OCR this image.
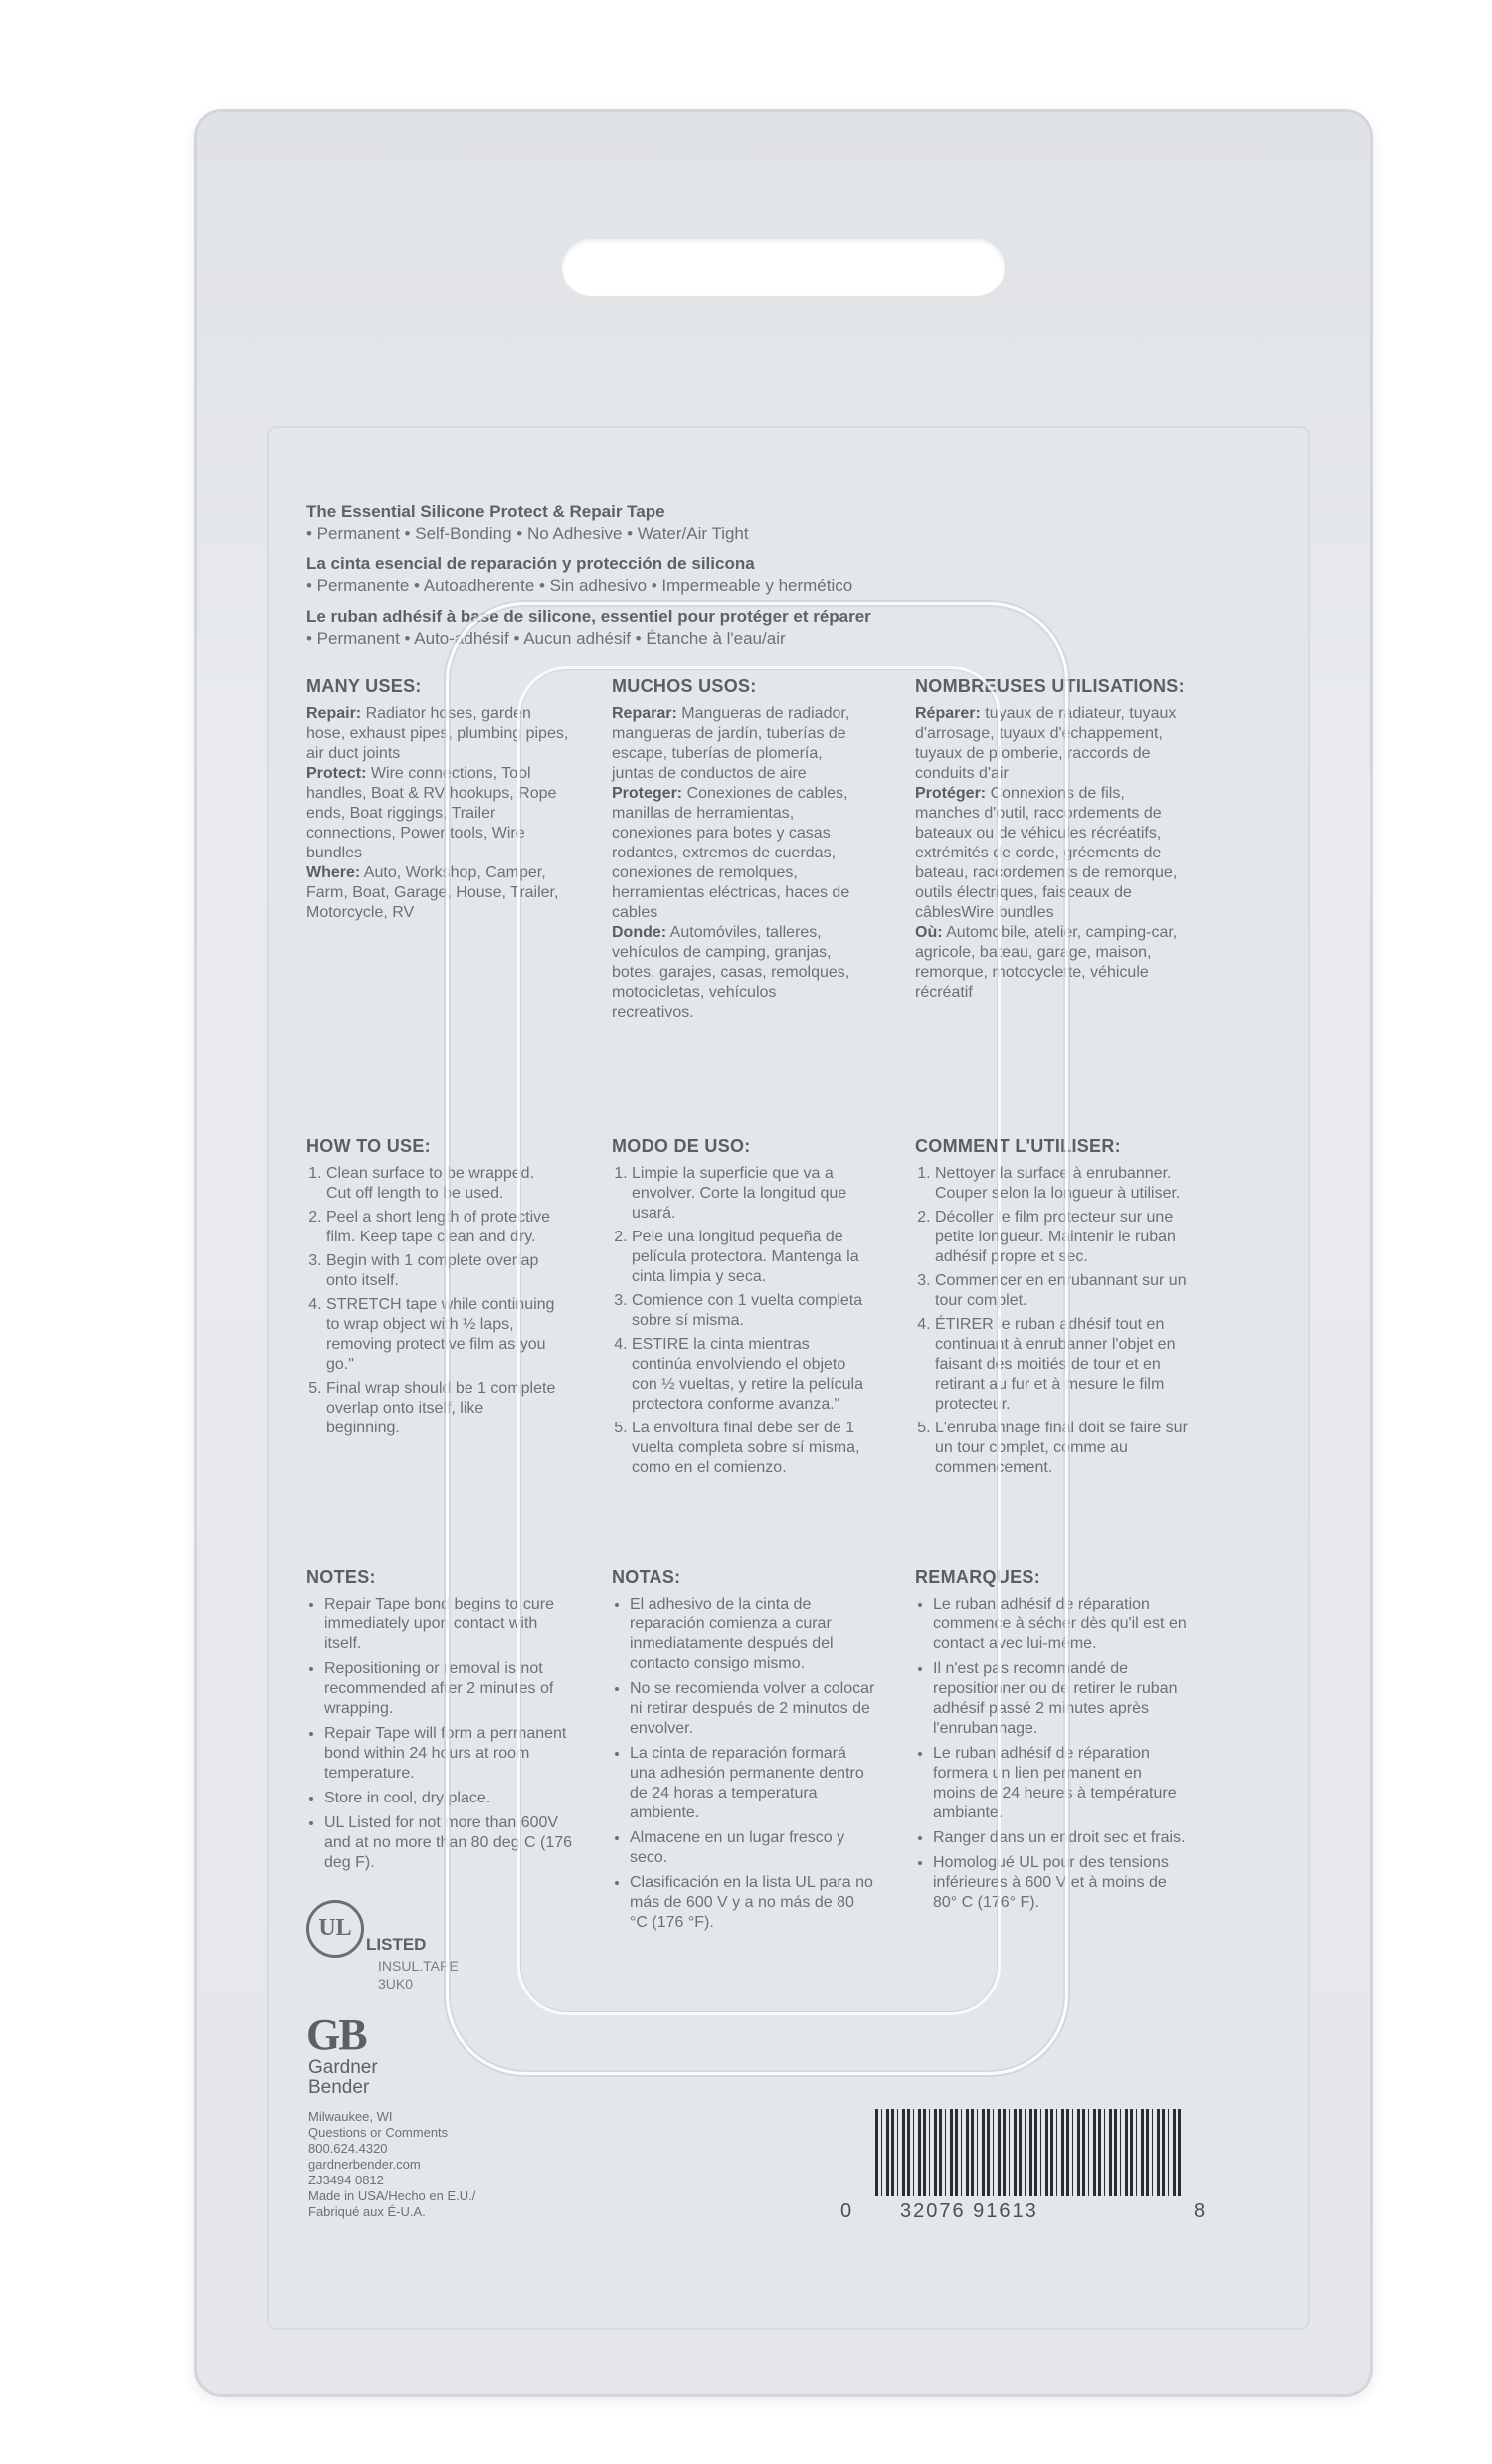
The Essential Silicone Protect & Repair Tape
• Permanent • Self-Bonding • No Adhesive • Water/Air Tight
La cinta esencial de reparación y protección de silicona
• Permanente • Autoadherente • Sin adhesivo • Impermeable y hermético
Le ruban adhésif à base de silicone, essentiel pour protéger et réparer
• Permanent • Auto-adhésif • Aucun adhésif • Étanche à l'eau/air
MANY USES:

Repair: Radiator hoses, garden hose, exhaust pipes, plumbing pipes, air duct joints

Protect: Wire connections, Tool handles, Boat & RV hookups, Rope ends, Boat riggings, Trailer connections, Power tools, Wire bundles

Where: Auto, Workshop, Camper, Farm, Boat, Garage, House, Trailer, Motorcycle, RV

MUCHOS USOS:

Reparar: Mangueras de radiador, mangueras de jardín, tuberías de escape, tuberías de plomería, juntas de conductos de aire

Proteger: Conexiones de cables, manillas de herramientas, conexiones para botes y casas rodantes, extremos de cuerdas, conexiones de remolques, herramientas eléctricas, haces de cables

Donde: Automóviles, talleres, vehículos de camping, granjas, botes, garajes, casas, remolques, motocicletas, vehículos recreativos.

NOMBREUSES UTILISATIONS:

Réparer: tuyaux de radiateur, tuyaux d'arrosage, tuyaux d'échappement, tuyaux de plomberie, raccords de conduits d'air

Protéger: Connexions de fils, manches d'outil, raccordements de bateaux ou de véhicules récréatifs, extrémités de corde, gréements de bateau, raccordements de remorque, outils électriques, faisceaux de câblesWire bundles

Où: Automobile, atelier, camping-car, agricole, bateau, garage, maison, remorque, motocyclette, véhicule récréatif

HOW TO USE:
1. Clean surface to be wrapped. Cut off length to be used.
2. Peel a short length of protective film. Keep tape clean and dry.
3. Begin with 1 complete overlap onto itself.
4. STRETCH tape while continuing to wrap object with ½ laps, removing protective film as you go."
5. Final wrap should be 1 complete overlap onto itself, like beginning.
MODO DE USO:
1. Limpie la superficie que va a envolver. Corte la longitud que usará.
2. Pele una longitud pequeña de película protectora. Mantenga la cinta limpia y seca.
3. Comience con 1 vuelta completa sobre sí misma.
4. ESTIRE la cinta mientras continúa envolviendo el objeto con ½ vueltas, y retire la película protectora conforme avanza."
5. La envoltura final debe ser de 1 vuelta completa sobre sí misma, como en el comienzo.
COMMENT L'UTILISER:
1. Nettoyer la surface à enrubanner. Couper selon la longueur à utiliser.
2. Décoller le film protecteur sur une petite longueur. Maintenir le ruban adhésif propre et sec.
3. Commencer en enrubannant sur un tour complet.
4. ÉTIRER le ruban adhésif tout en continuant à enrubanner l'objet en faisant des moitiés de tour et en retirant au fur et à mesure le film protecteur.
5. L'enrubannage final doit se faire sur un tour complet, comme au commencement.
NOTES:
• Repair Tape bond begins to cure immediately upon contact with itself.
• Repositioning or removal is not recommended after 2 minutes of wrapping.
• Repair Tape will form a permanent bond within 24 hours at room temperature.
• Store in cool, dry place.
• UL Listed for not more than 600V and at no more than 80 deg C (176 deg F).
NOTAS:
• El adhesivo de la cinta de reparación comienza a curar inmediatamente después del contacto consigo mismo.
• No se recomienda volver a colocar ni retirar después de 2 minutos de envolver.
• La cinta de reparación formará una adhesión permanente dentro de 24 horas a temperatura ambiente.
• Almacene en un lugar fresco y seco.
• Clasificación en la lista UL para no más de 600 V y a no más de 80 °C (176 °F).
REMARQUES:
• Le ruban adhésif de réparation commence à sécher dès qu'il est en contact avec lui-même.
• Il n'est pas recommandé de repositionner ou de retirer le ruban adhésif passé 2 minutes après l'enrubannage.
• Le ruban adhésif de réparation formera un lien permanent en moins de 24 heures à température ambiante.
• Ranger dans un endroit sec et frais.
• Homologué UL pour des tensions inférieures à 600 V et à moins de 80° C (176° F).
UL
LISTED
INSUL.TAPE
3UK0
GB
Gardner
Bender
Milwaukee, WI
Questions or Comments
800.624.4320
gardnerbender.com
ZJ3494 0812
Made in USA/Hecho en E.U./
Fabriqué aux É-U.A.	0 32076 91613	8
